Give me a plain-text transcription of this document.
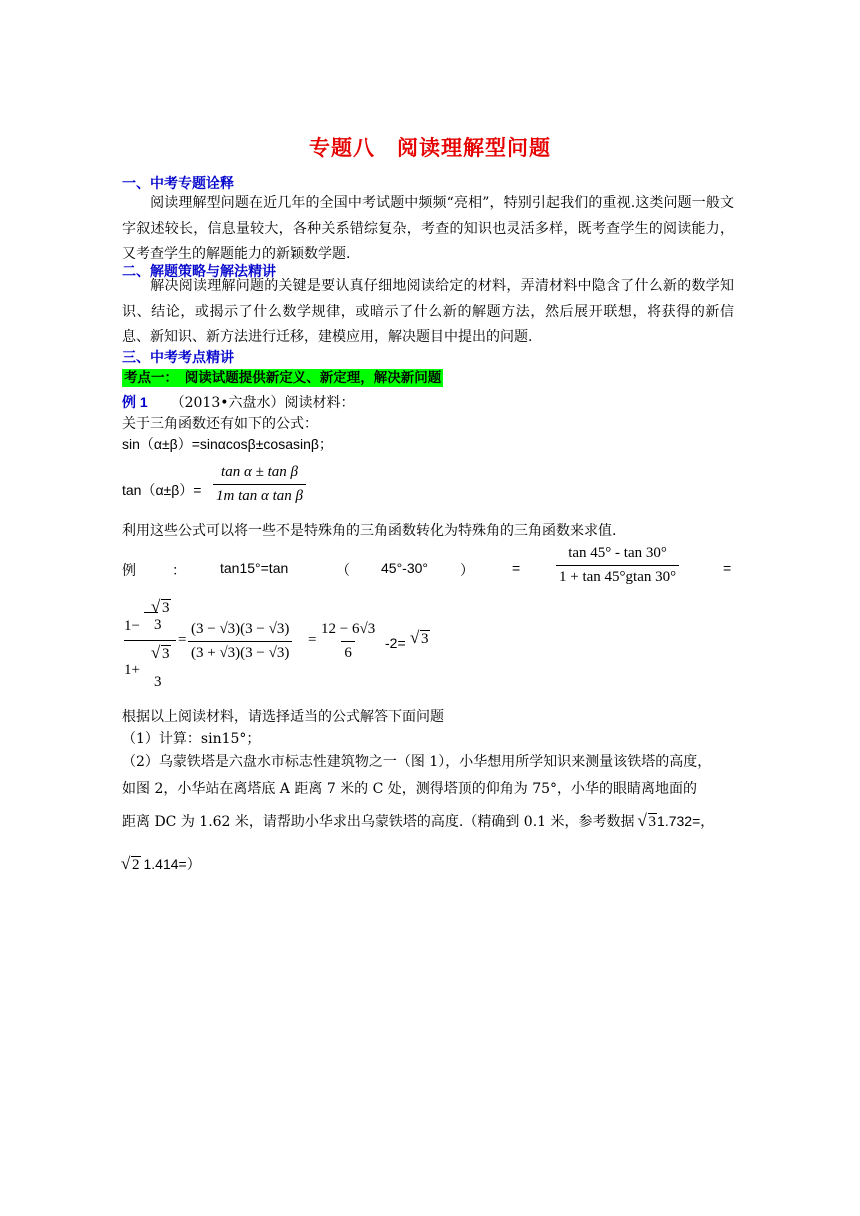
专题八　阅读理解型问题
一、中考专题诠释
阅读理解型问题在近几年的全国中考试题中频频“亮相”，特别引起我们的重视.这类问题一般文字叙述较长，信息量较大，各种关系错综复杂，考查的知识也灵活多样，既考查学生的阅读能力，又考查学生的解题能力的新颖数学题.
二、解题策略与解法精讲
解决阅读理解问题的关键是要认真仔细地阅读给定的材料，弄清材料中隐含了什么新的数学知识、结论，或揭示了什么数学规律，或暗示了什么新的解题方法，然后展开联想，将获得的新信息、新知识、新方法进行迁移，建模应用，解决题目中提出的问题.
三、中考考点精讲
考点一：　阅读试题提供新定义、新定理，解决新问题
例 1 （2013•六盘水）阅读材料：
关于三角函数还有如下的公式：
sin（α±β）=sinαcosβ±cosasinβ；
$\tan(\alpha\pm\beta)= \frac{\text{tan α ± tan β}}{\text{1m tan α tan β}}$
利用这些公式可以将一些不是特殊角的三角函数转化为特殊角的三角函数来求值.
例	： tan15°=tan	（ 45°-30° ）	= $\frac{\tan 45^\circ - \tan 30^\circ}{1 + \tan 45^\circ gtan 30^\circ}$	=
1−
√ 3
3
1+
√ 3
3
= $\frac{(3 - √3)(3 - √3)}{(3 + √3)(3 - √3)} = \frac{12 - 6√3}{6} -2=$	√ 3
根据以上阅读材料，请选择适当的公式解答下面问题
（1）计算：sin15°；
（2）乌蒙铁塔是六盘水市标志性建筑物之一（图 1），小华想用所学知识来测量该铁塔的高度，
如图 2，小华站在离塔底 A 距离 7 米的 C 处，测得塔顶的仰角为 75°，小华的眼睛离地面的
距离 DC 为 1.62 米，请帮助小华求出乌蒙铁塔的高度.（精确到 0.1 米，参考数据 √ 31.732=，
√ 2 1.414=）
